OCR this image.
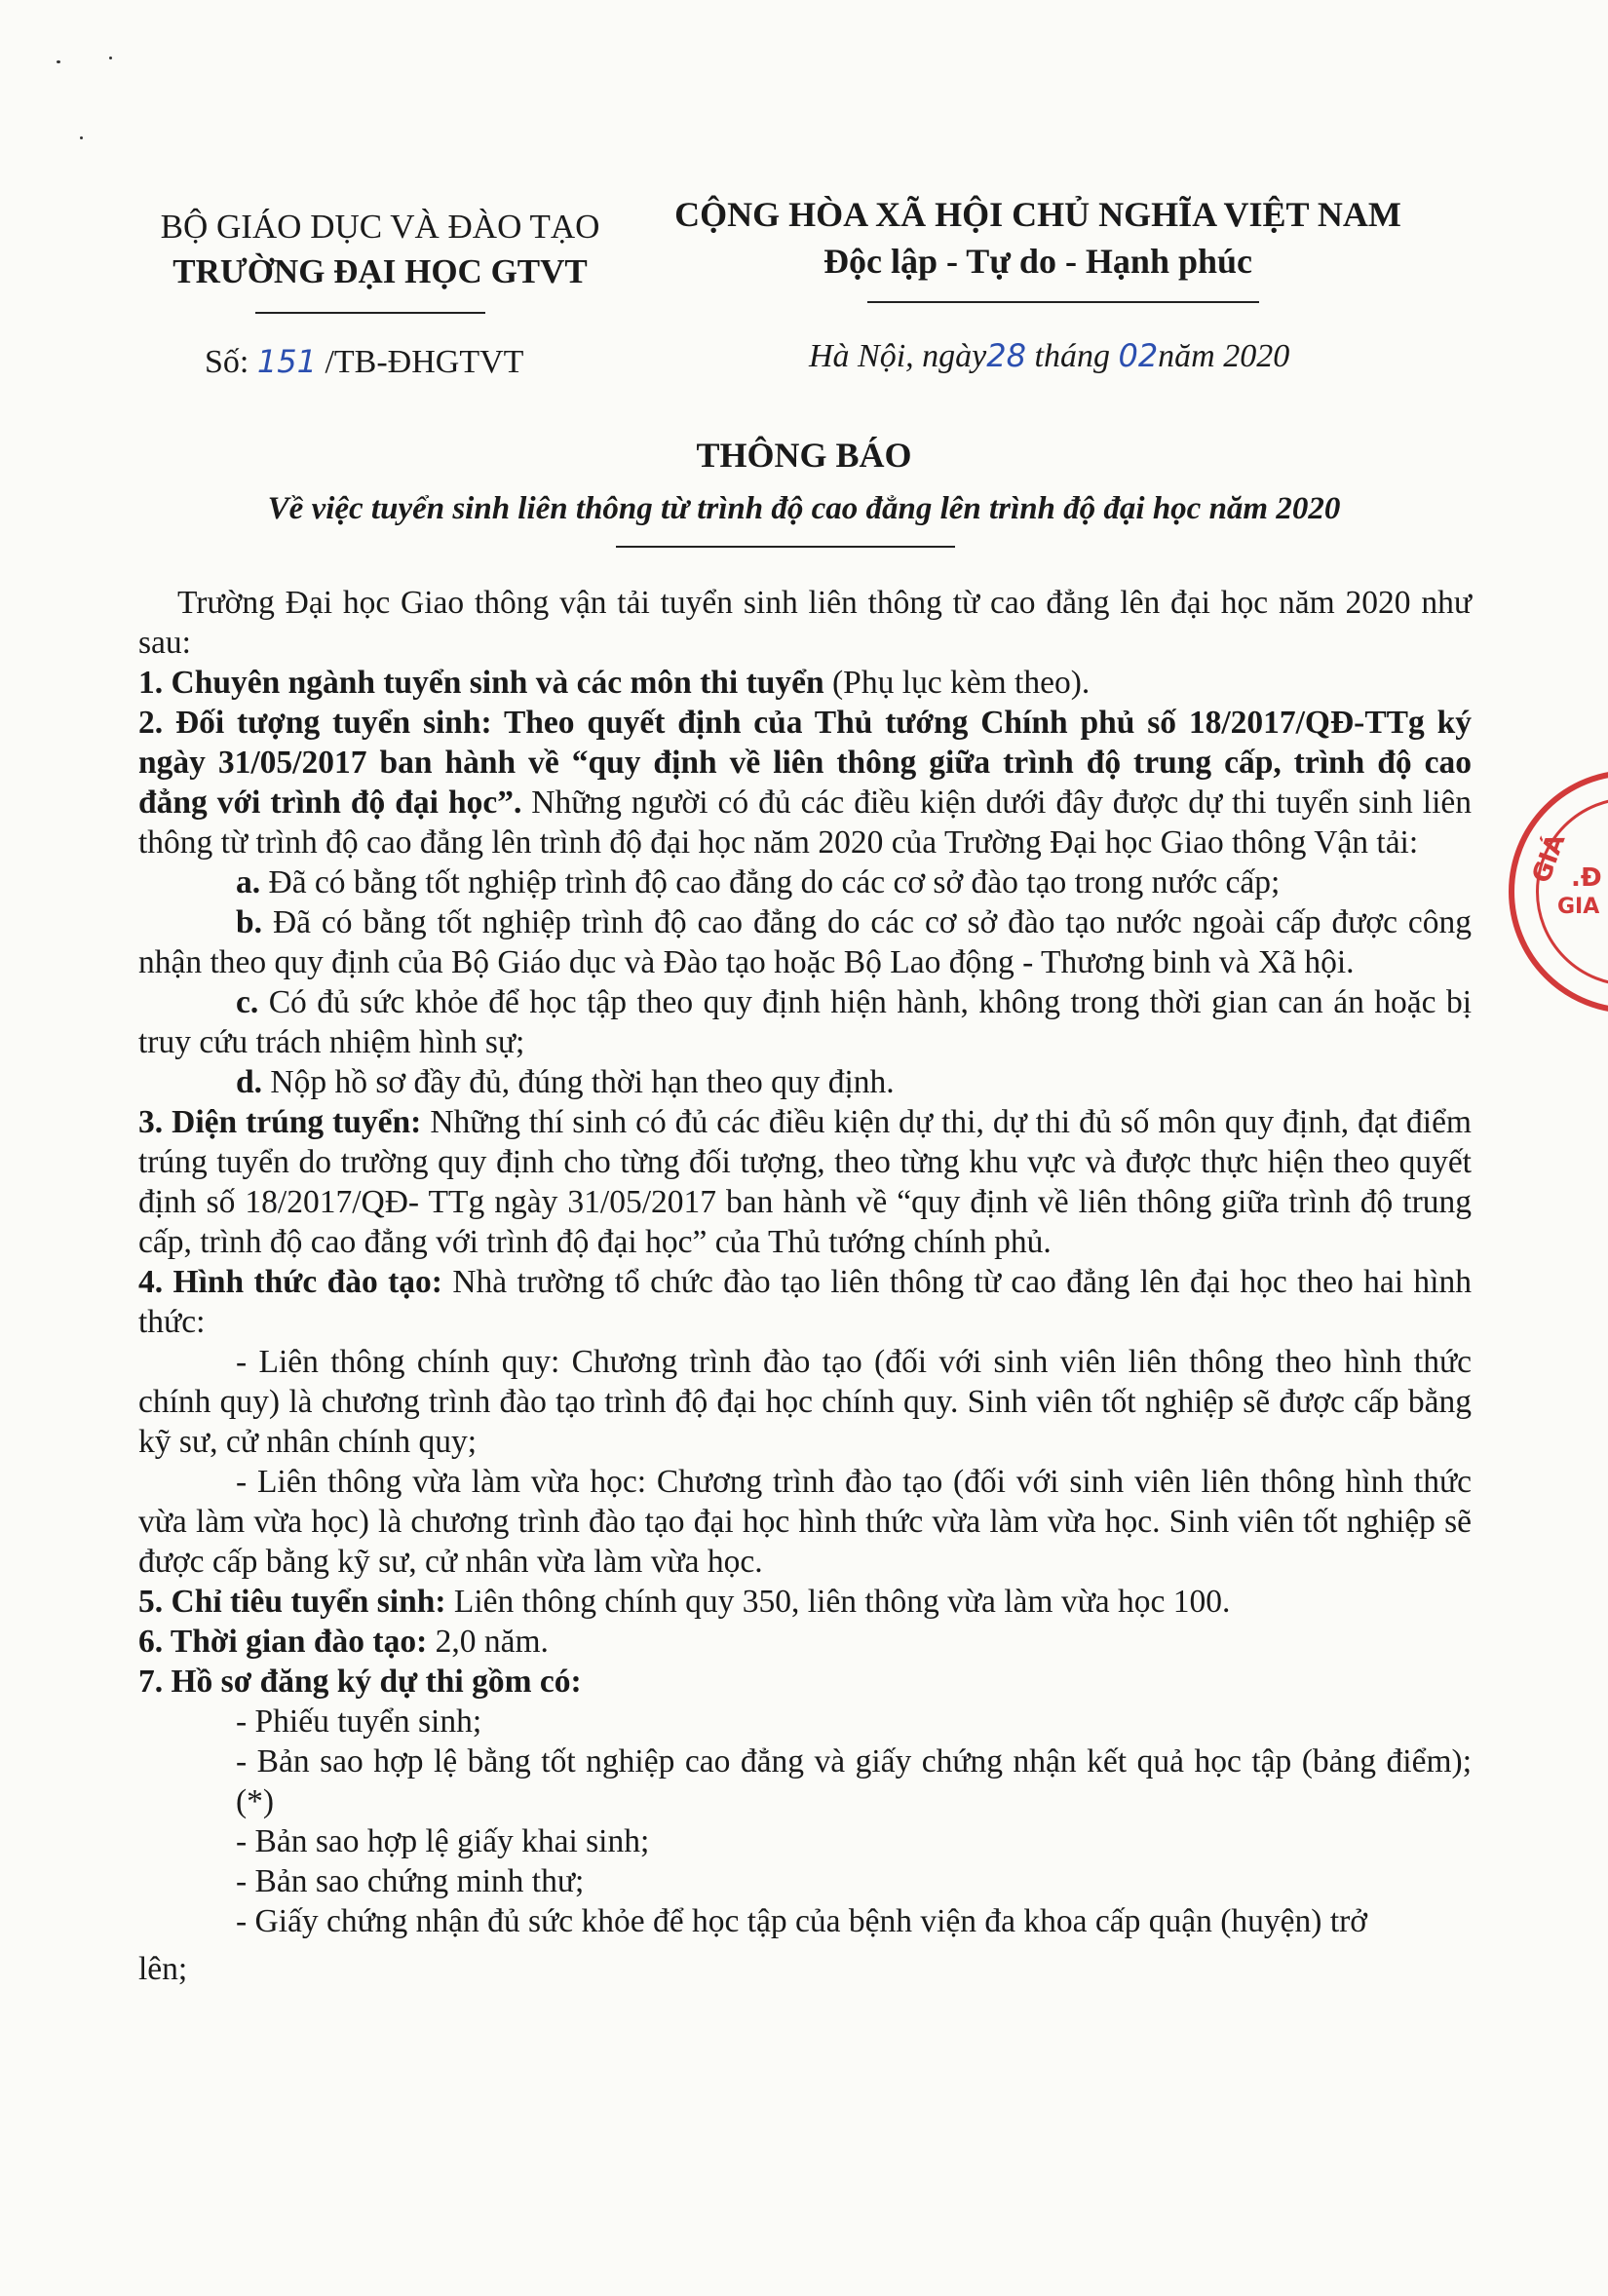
BỘ GIÁO DỤC VÀ ĐÀO TẠO
TRƯỜNG ĐẠI HỌC GTVT
CỘNG HÒA XÃ HỘI CHỦ NGHĨA VIỆT NAM
Độc lập - Tự do - Hạnh phúc
Số: 151 /TB-ĐHGTVT	Hà Nội, ngày28 tháng 02năm 2020
THÔNG BÁO
Về việc tuyển sinh liên thông từ trình độ cao đẳng lên trình độ đại học năm 2020

Trường Đại học Giao thông vận tải tuyển sinh liên thông từ cao đẳng lên đại học năm 2020 như sau:

1. Chuyên ngành tuyển sinh và các môn thi tuyển (Phụ lục kèm theo).

2. Đối tượng tuyển sinh: Theo quyết định của Thủ tướng Chính phủ số 18/2017/QĐ-TTg ký ngày 31/05/2017 ban hành về “quy định về liên thông giữa trình độ trung cấp, trình độ cao đẳng với trình độ đại học”. Những người có đủ các điều kiện dưới đây được dự thi tuyển sinh liên thông từ trình độ cao đẳng lên trình độ đại học năm 2020 của Trường Đại học Giao thông Vận tải:

a. Đã có bằng tốt nghiệp trình độ cao đẳng do các cơ sở đào tạo trong nước cấp;

b. Đã có bằng tốt nghiệp trình độ cao đẳng do các cơ sở đào tạo nước ngoài cấp được công nhận theo quy định của Bộ Giáo dục và Đào tạo hoặc Bộ Lao động - Thương binh và Xã hội.

c. Có đủ sức khỏe để học tập theo quy định hiện hành, không trong thời gian can án hoặc bị truy cứu trách nhiệm hình sự;

d. Nộp hồ sơ đầy đủ, đúng thời hạn theo quy định.

3. Diện trúng tuyển: Những thí sinh có đủ các điều kiện dự thi, dự thi đủ số môn quy định, đạt điểm trúng tuyển do trường quy định cho từng đối tượng, theo từng khu vực và được thực hiện theo quyết định số 18/2017/QĐ- TTg ngày 31/05/2017 ban hành về “quy định về liên thông giữa trình độ trung cấp, trình độ cao đẳng với trình độ đại học” của Thủ tướng chính phủ.

4. Hình thức đào tạo: Nhà trường tổ chức đào tạo liên thông từ cao đẳng lên đại học theo hai hình thức:

- Liên thông chính quy: Chương trình đào tạo (đối với sinh viên liên thông theo hình thức chính quy) là chương trình đào tạo trình độ đại học chính quy. Sinh viên tốt nghiệp sẽ được cấp bằng kỹ sư, cử nhân chính quy;

- Liên thông vừa làm vừa học: Chương trình đào tạo (đối với sinh viên liên thông hình thức vừa làm vừa học) là chương trình đào tạo đại học hình thức vừa làm vừa học. Sinh viên tốt nghiệp sẽ được cấp bằng kỹ sư, cử nhân vừa làm vừa học.

5. Chỉ tiêu tuyển sinh: Liên thông chính quy 350, liên thông vừa làm vừa học 100.

6. Thời gian đào tạo: 2,0 năm.

7. Hồ sơ đăng ký dự thi gồm có:

- Phiếu tuyển sinh;

- Bản sao hợp lệ bằng tốt nghiệp cao đẳng và giấy chứng nhận kết quả học tập (bảng điểm); (*)

- Bản sao hợp lệ giấy khai sinh;

- Bản sao chứng minh thư;

- Giấy chứng nhận đủ sức khỏe để học tập của bệnh viện đa khoa cấp quận (huyện) trở

lên;

GIÁ .Đ
GIA
